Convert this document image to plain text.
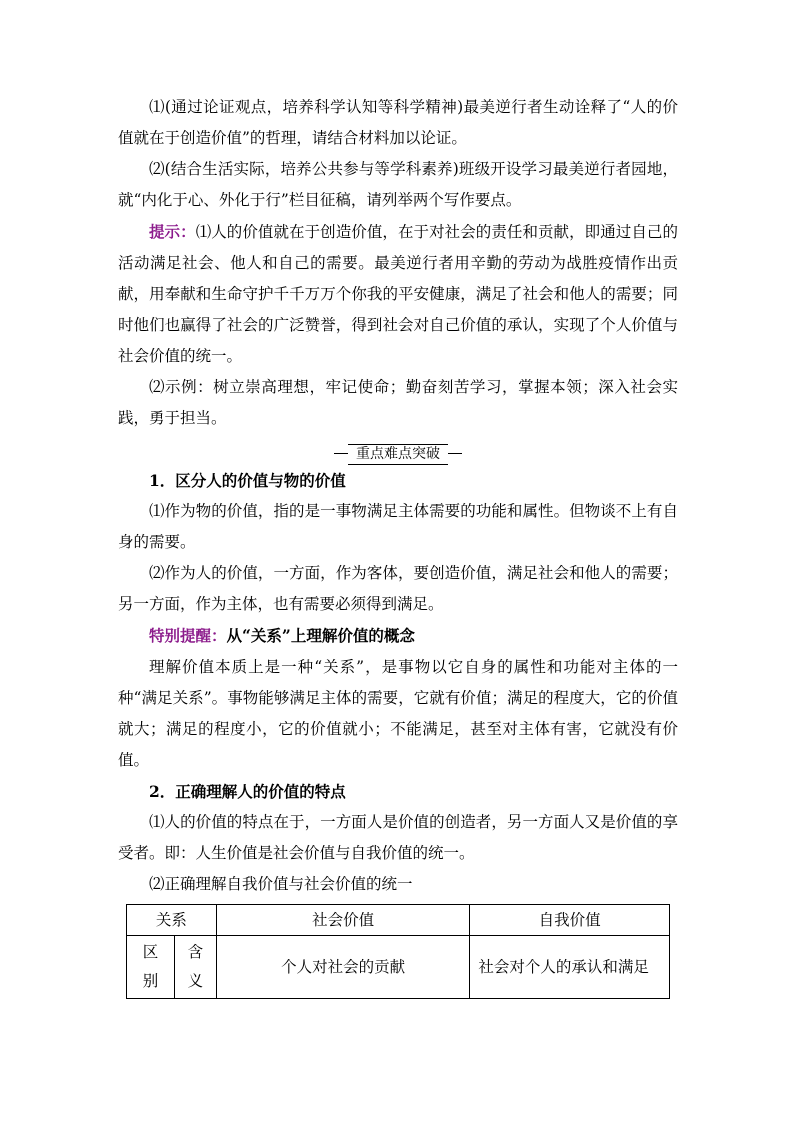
⑴(通过论证观点，培养科学认知等科学精神)最美逆行者生动诠释了“人的价值就在于创造价值”的哲理，请结合材料加以论证。

⑵(结合生活实际，培养公共参与等学科素养)班级开设学习最美逆行者园地，就“内化于心、外化于行”栏目征稿，请列举两个写作要点。

提示：⑴人的价值就在于创造价值，在于对社会的责任和贡献，即通过自己的活动满足社会、他人和自己的需要。最美逆行者用辛勤的劳动为战胜疫情作出贡献，用奉献和生命守护千千万万个你我的平安健康，满足了社会和他人的需要；同时他们也赢得了社会的广泛赞誉，得到社会对自己价值的承认，实现了个人价值与社会价值的统一。

⑵示例：树立崇高理想，牢记使命；勤奋刻苦学习，掌握本领；深入社会实践，勇于担当。

重点难点突破

1．区分人的价值与物的价值

⑴作为物的价值，指的是一事物满足主体需要的功能和属性。但物谈不上有自身的需要。

⑵作为人的价值，一方面，作为客体，要创造价值，满足社会和他人的需要；另一方面，作为主体，也有需要必须得到满足。

特别提醒：从“关系”上理解价值的概念

理解价值本质上是一种“关系”，是事物以它自身的属性和功能对主体的一种“满足关系”。事物能够满足主体的需要，它就有价值；满足的程度大，它的价值就大；满足的程度小，它的价值就小；不能满足，甚至对主体有害，它就没有价值。

2．正确理解人的价值的特点

⑴人的价值的特点在于，一方面人是价值的创造者，另一方面人又是价值的享受者。即：人生价值是社会价值与自我价值的统一。

⑵正确理解自我价值与社会价值的统一

关系		社会价值	自我价值

区别	含义	个人对社会的贡献	社会对个人的承认和满足
